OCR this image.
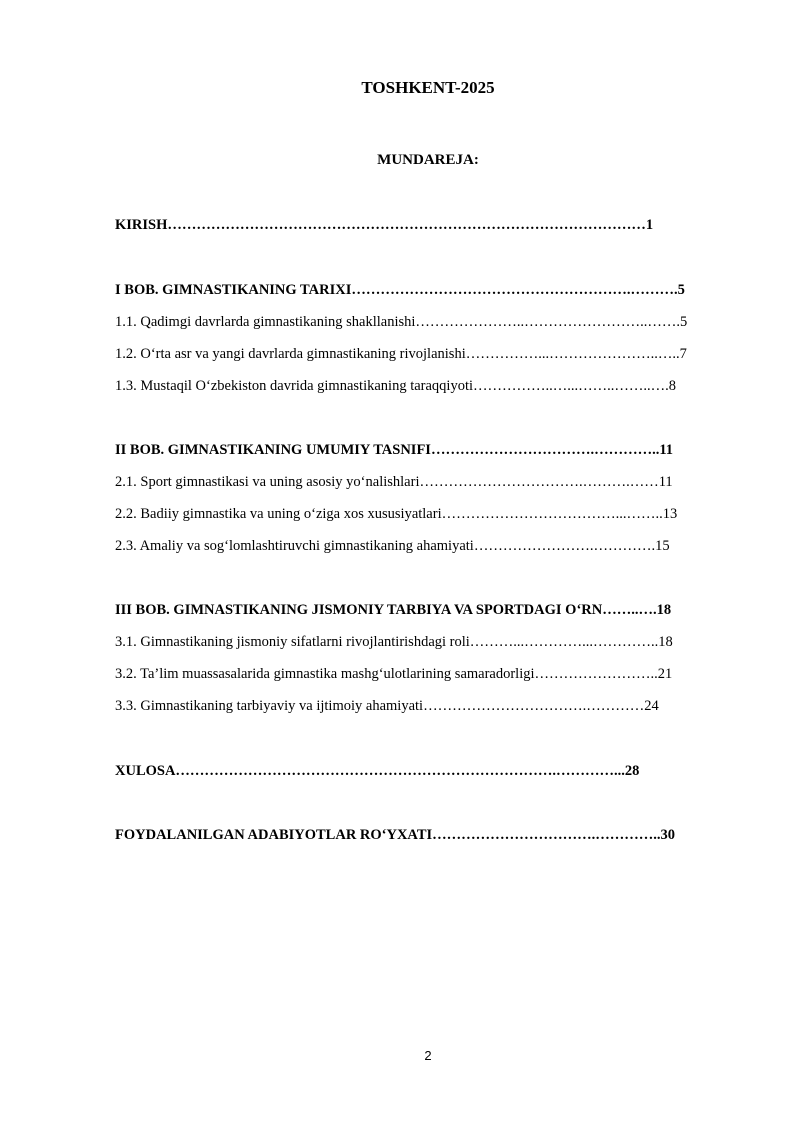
TOSHKENT-2025
MUNDAREJA:
KIRISH………………………………………………………………………………………1
I BOB. GIMNASTIKANING TARIXI………………………………………………….……….5
1.1. Qadimgi davrlarda gimnastikaning shakllanishi…………………..……………………..…….5
1.2. O‘rta asr va yangi davrlarda gimnastikaning rivojlanishi……………...…………………..…..7
1.3. Mustaqil O‘zbekiston davrida gimnastikaning taraqqiyoti……………..…...……..……..….8
II BOB. GIMNASTIKANING UMUMIY TASNIFI…………………………….…………..11
2.1. Sport gimnastikasi va uning asosiy yo‘nalishlari…………………………….……….……11
2.2. Badiiy gimnastika va uning o‘ziga xos xususiyatlari………………………………...……..13
2.3. Amaliy va sog‘lomlashtiruvchi gimnastikaning ahamiyati…………………….………….15
III BOB. GIMNASTIKANING JISMONIY TARBIYA VA SPORTDAGI O‘RN……..….18
3.1. Gimnastikaning jismoniy sifatlarni rivojlantirishdagi roli………...…………...…………..18
3.2. Ta’lim muassasalarida gimnastika mashg‘ulotlarining samaradorligi……………………..21
3.3. Gimnastikaning tarbiyaviy va ijtimoiy ahamiyati…………………………….…………24
XULOSA…………………………………………………………………….…………...28
FOYDALANILGAN ADABIYOTLAR RO‘YXATI…………………………….…………..30
2
